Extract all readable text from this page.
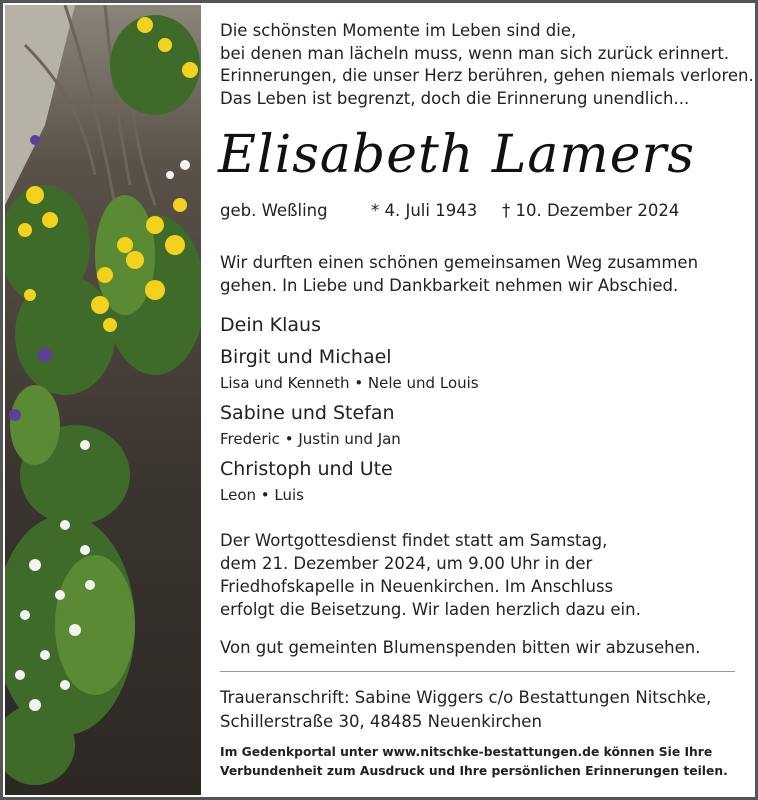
Die schönsten Momente im Leben sind die,
bei denen man lächeln muss, wenn man sich zurück erinnert.
Erinnerungen, die unser Herz berühren, gehen niemals verloren.
Das Leben ist begrenzt, doch die Erinnerung unendlich...
Elisabeth Lamers
geb. Weßling	* 4. Juli 1943 † 10. Dezember 2024
Wir durften einen schönen gemeinsamen Weg zusammen
gehen. In Liebe und Dankbarkeit nehmen wir Abschied.
Dein Klaus
Birgit und Michael
Lisa und Kenneth • Nele und Louis
Sabine und Stefan
Frederic • Justin und Jan
Christoph und Ute
Leon • Luis
Der Wortgottesdienst findet statt am Samstag,
dem 21. Dezember 2024, um 9.00 Uhr in der
Friedhofskapelle in Neuenkirchen. Im Anschluss
erfolgt die Beisetzung. Wir laden herzlich dazu ein.
Von gut gemeinten Blumenspenden bitten wir abzusehen.
Traueranschrift: Sabine Wiggers c/o Bestattungen Nitschke,
Schillerstraße 30, 48485 Neuenkirchen
Im Gedenkportal unter www.nitschke-bestattungen.de können Sie Ihre
Verbundenheit zum Ausdruck und Ihre persönlichen Erinnerungen teilen.
